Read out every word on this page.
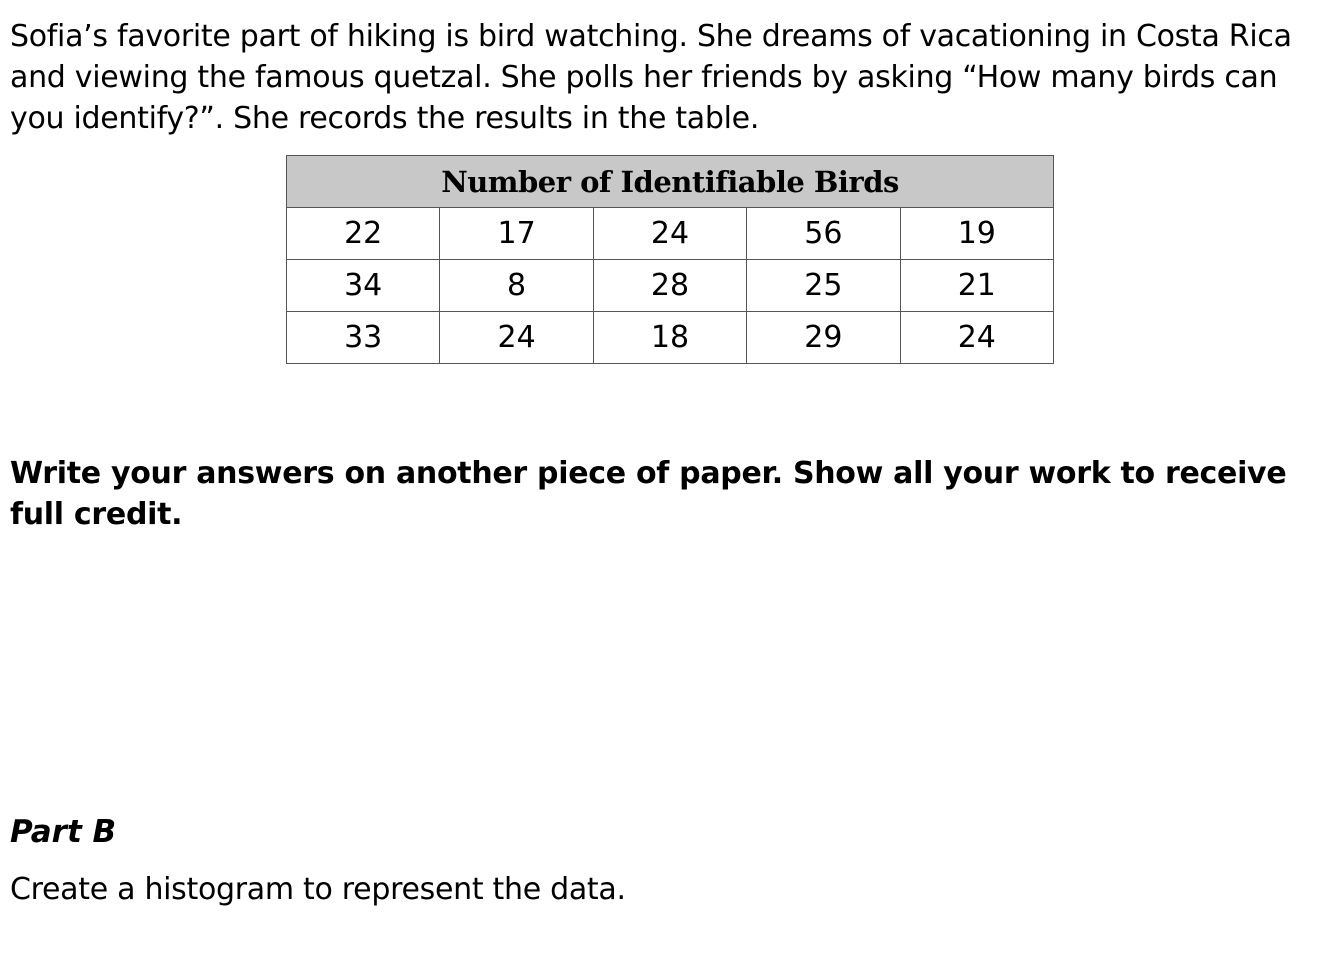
Sofia’s favorite part of hiking is bird watching. She dreams of vacationing in Costa Rica and viewing the famous quetzal. She polls her friends by asking “How many birds can you identify?”. She records the results in the table.

Number of Identifiable Birds				
22	17	24	56	19
34	8	28	25	21
33	24	18	29	24

Write your answers on another piece of paper. Show all your work to receive full credit.

Part B

Create a histogram to represent the data.
